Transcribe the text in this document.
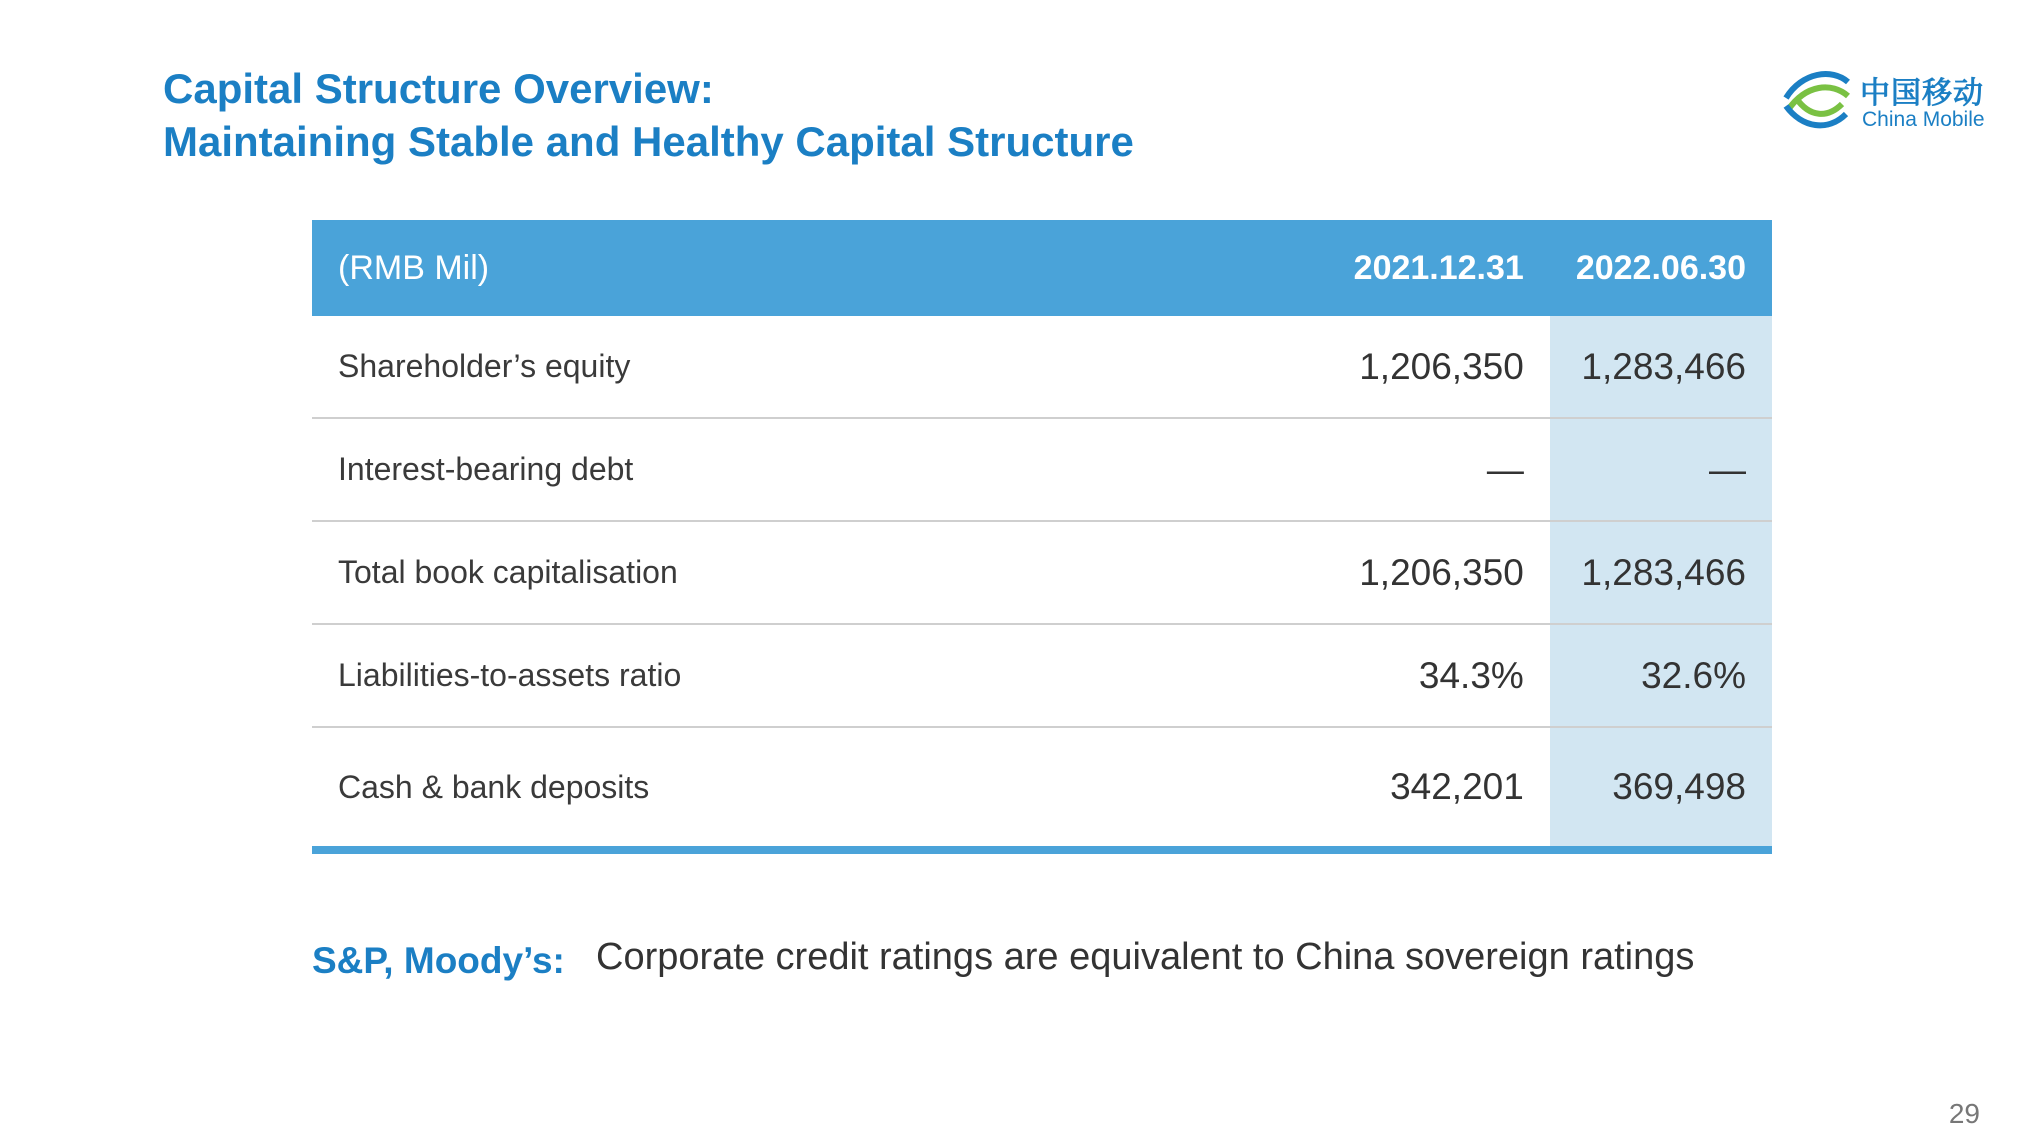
Capital Structure Overview:
Maintaining Stable and Healthy Capital Structure
中国移动
China Mobile
(RMB Mil)	2021.12.31	2022.06.30
Shareholder’s equity	1,206,350	1,283,466
Interest-bearing debt	—	—
Total book capitalisation	1,206,350	1,283,466
Liabilities-to-assets ratio	34.3%	32.6%
Cash & bank deposits	342,201	369,498
S&P, Moody’s: Corporate credit ratings are equivalent to China sovereign ratings
29
